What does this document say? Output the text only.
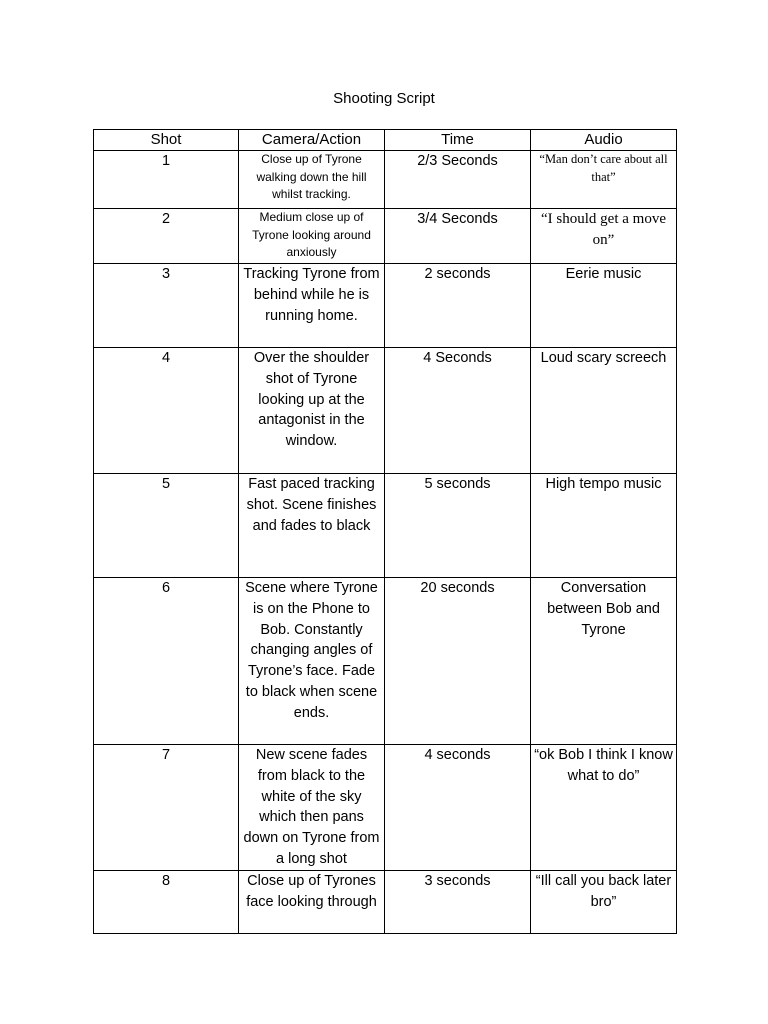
Shooting Script
Shot	Camera/Action	Time	Audio
1	Close up of Tyrone walking down the hill whilst tracking.	2/3 Seconds	“Man don’t care about all that”
2	Medium close up of Tyrone looking around anxiously	3/4 Seconds	“I should get a move on”
3	Tracking Tyrone from behind while he is running home.	2 seconds	Eerie music
4	Over the shoulder shot of Tyrone looking up at the antagonist in the window.	4 Seconds	Loud scary screech
5	Fast paced tracking shot. Scene finishes and fades to black	5 seconds	High tempo music
6	Scene where Tyrone is on the Phone to Bob. Constantly changing angles of Tyrone’s face. Fade to black when scene ends.	20 seconds	Conversation between Bob and Tyrone
7	New scene fades from black to the white of the sky which then pans down on Tyrone from a long shot	4 seconds	“ok Bob I think I know what to do”
8	Close up of Tyrones face looking through	3 seconds	“Ill call you back later bro”
